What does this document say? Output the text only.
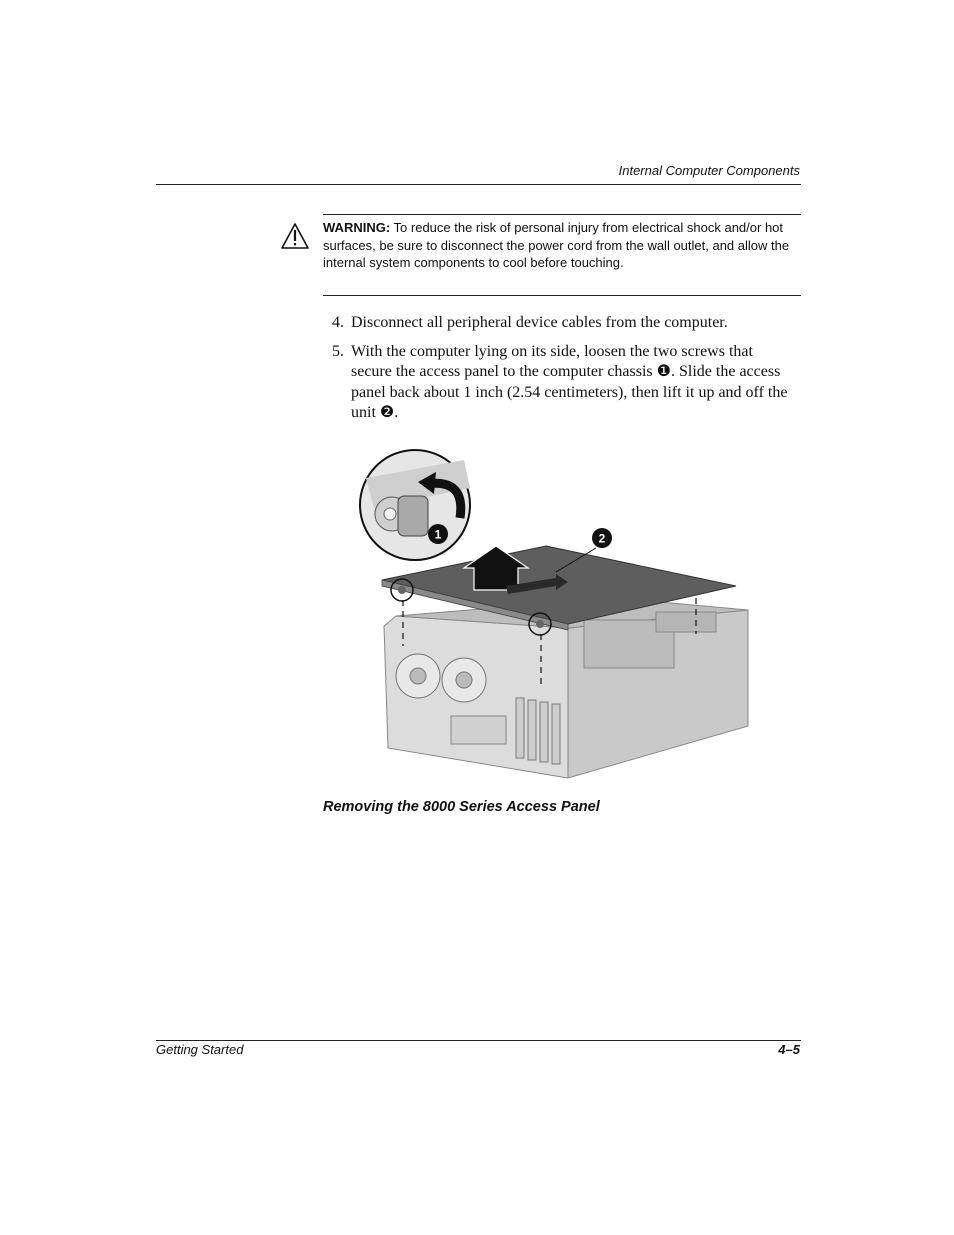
Internal Computer Components
WARNING: To reduce the risk of personal injury from electrical shock and/or hot surfaces, be sure to disconnect the power cord from the wall outlet, and allow the internal system components to cool before touching.
4. Disconnect all peripheral device cables from the computer.
5. With the computer lying on its side, loosen the two screws that secure the access panel to the computer chassis ❶. Slide the access panel back about 1 inch (2.54 centimeters), then lift it up and off the unit ❷.
1	2
Removing the 8000 Series Access Panel
Getting Started	4–5
